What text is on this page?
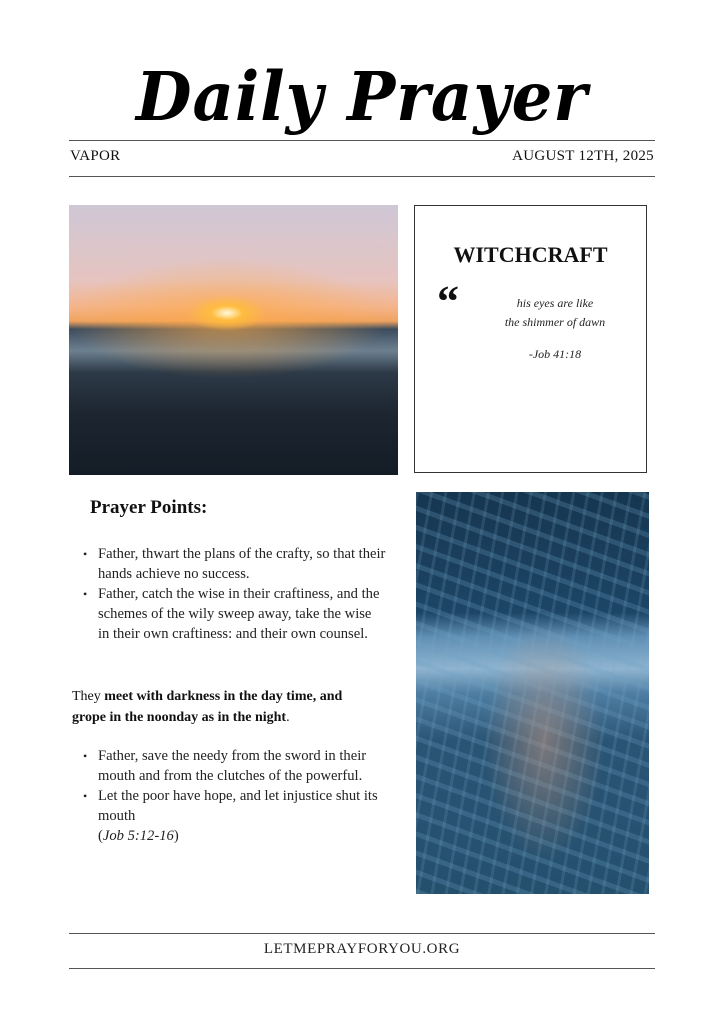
Daily Prayer
VAPOR	AUGUST 12TH, 2025
WITCHCRAFT
“	his eyes are like
the shimmer of dawn
-Job 41:18
Prayer Points:
• Father, thwart the plans of the crafty, so that their hands achieve no success.
• Father, catch the wise in their craftiness, and the schemes of the wily sweep away, take the wise in their own craftiness: and their own counsel.
They meet with darkness in the day time, and grope in the noonday as in the night.
• Father, save the needy from the sword in their mouth and from the clutches of the powerful.
• Let the poor have hope, and let injustice shut its mouth
(Job 5:12-16)
LETMEPRAYFORYOU.ORG
